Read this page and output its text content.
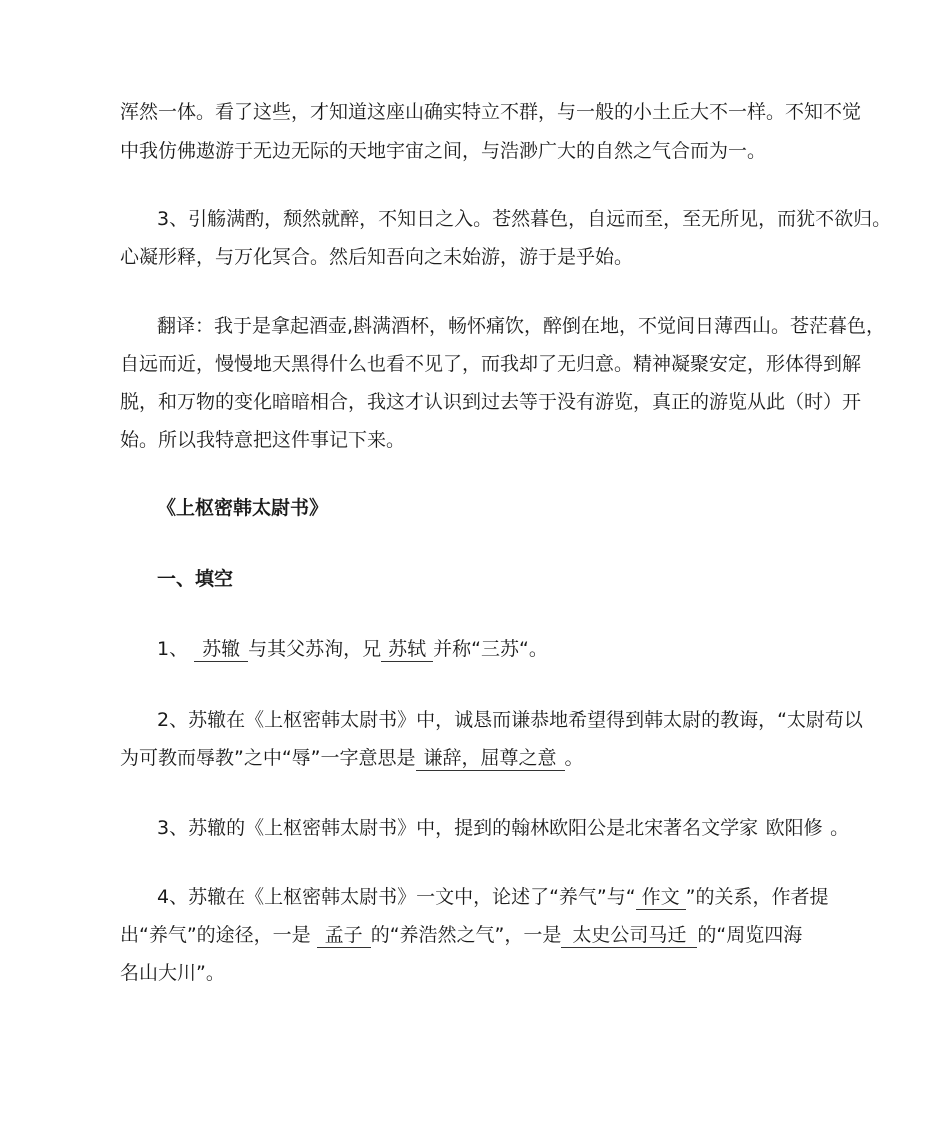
浑然一体。看了这些，才知道这座山确实特立不群，与一般的小土丘大不一样。不知不觉
中我仿佛遨游于无边无际的天地宇宙之间，与浩渺广大的自然之气合而为一。
3、引觞满酌，颓然就醉，不知日之入。苍然暮色，自远而至，至无所见，而犹不欲归。
心凝形释，与万化冥合。然后知吾向之未始游，游于是乎始。
翻译：我于是拿起酒壶,斟满酒杯，畅怀痛饮，醉倒在地，不觉间日薄西山。苍茫暮色，
自远而近，慢慢地天黑得什么也看不见了，而我却了无归意。精神凝聚安定，形体得到解
脱，和万物的变化暗暗相合，我这才认识到过去等于没有游览，真正的游览从此（时）开
始。所以我特意把这件事记下来。
《上枢密韩太尉书》
一、填空
1、 苏辙 与其父苏洵，兄 苏轼 并称“三苏“。
2、苏辙在《上枢密韩太尉书》中，诚恳而谦恭地希望得到韩太尉的教诲，“太尉苟以
为可教而辱教”之中“辱”一字意思是 谦辞，屈尊之意 。
3、苏辙的《上枢密韩太尉书》中，提到的翰林欧阳公是北宋著名文学家 欧阳修 。
4、苏辙在《上枢密韩太尉书》一文中，论述了“养气”与“ 作文 ”的关系，作者提
出“养气”的途径，一是 孟子 的“养浩然之气”，一是 太史公司马迁 的“周览四海
名山大川”。
